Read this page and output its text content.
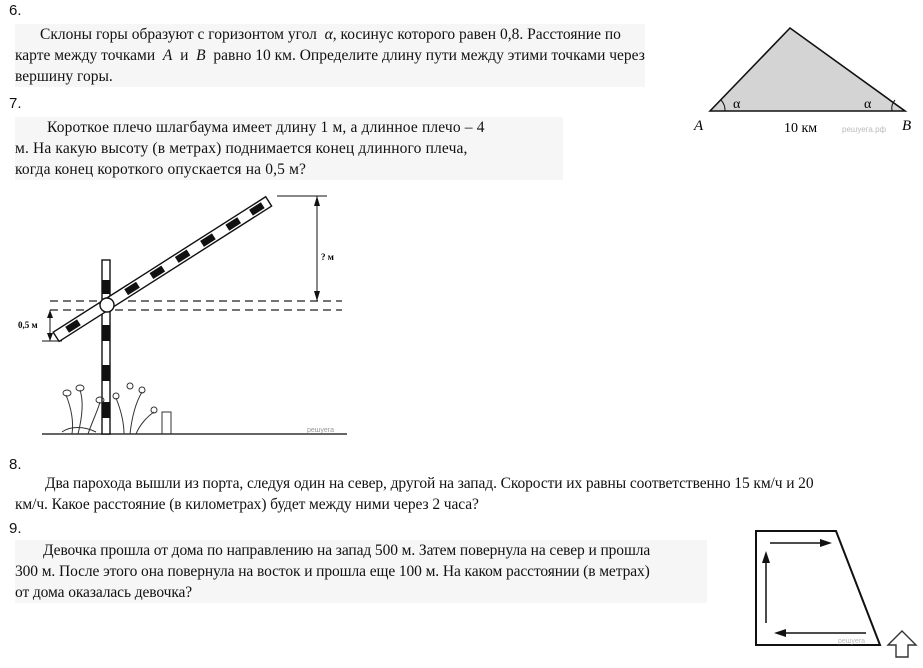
6.

Склоны горы образуют с горизонтом угол α, косинус которого равен 0,8. Расстояние по
карте между точками A и B равно 10 км. Определите длину пути между этими точками через
вершину горы.
α	α
A	B
10 км	решуега.рф

7.

Короткое плечо шлагбаума имеет длину 1 м, а длинное плечо – 4
м. На какую высоту (в метрах) поднимается конец длинного плеча,
когда конец короткого опускается на 0,5 м?
? м
0,5 м
решуега

8.

Два парохода вышли из порта, следуя один на север, другой на запад. Скорости их равны соответственно 15 км/ч и 20
км/ч. Какое расстояние (в километрах) будет между ними через 2 часа?

9.

Девочка прошла от дома по направлению на запад 500 м. Затем повернула на север и прошла
300 м. После этого она повернула на восток и прошла еще 100 м. На каком расстоянии (в метрах)
от дома оказалась девочка?
решуега
